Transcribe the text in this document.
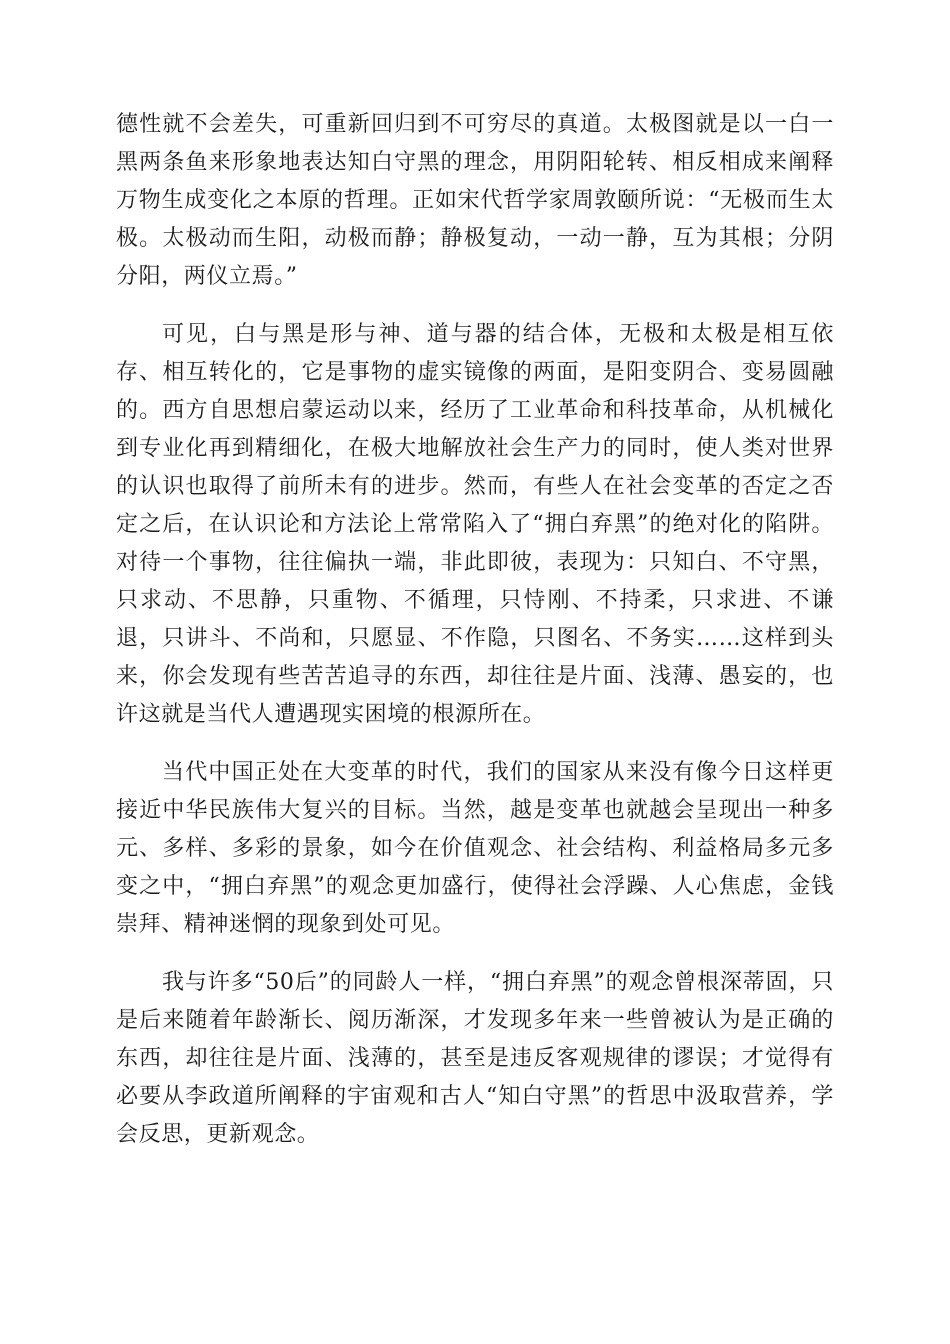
德性就不会差失，可重新回归到不可穷尽的真道。太极图就是以一白一黑两条鱼来形象地表达知白守黑的理念，用阴阳轮转、相反相成来阐释万物生成变化之本原的哲理。正如宋代哲学家周敦颐所说：“无极而生太极。太极动而生阳，动极而静；静极复动，一动一静，互为其根；分阴分阳，两仪立焉。”

可见，白与黑是形与神、道与器的结合体，无极和太极是相互依存、相互转化的，它是事物的虚实镜像的两面，是阳变阴合、变易圆融的。西方自思想启蒙运动以来，经历了工业革命和科技革命，从机械化到专业化再到精细化，在极大地解放社会生产力的同时，使人类对世界的认识也取得了前所未有的进步。然而，有些人在社会变革的否定之否定之后，在认识论和方法论上常常陷入了“拥白弃黑”的绝对化的陷阱。对待一个事物，往往偏执一端，非此即彼，表现为：只知白、不守黑，只求动、不思静，只重物、不循理，只恃刚、不持柔，只求进、不谦退，只讲斗、不尚和，只愿显、不作隐，只图名、不务实……这样到头来，你会发现有些苦苦追寻的东西，却往往是片面、浅薄、愚妄的，也许这就是当代人遭遇现实困境的根源所在。

当代中国正处在大变革的时代，我们的国家从来没有像今日这样更接近中华民族伟大复兴的目标。当然，越是变革也就越会呈现出一种多元、多样、多彩的景象，如今在价值观念、社会结构、利益格局多元多变之中，“拥白弃黑”的观念更加盛行，使得社会浮躁、人心焦虑，金钱崇拜、精神迷惘的现象到处可见。

我与许多“50后”的同龄人一样，“拥白弃黑”的观念曾根深蒂固，只是后来随着年龄渐长、阅历渐深，才发现多年来一些曾被认为是正确的东西，却往往是片面、浅薄的，甚至是违反客观规律的谬误；才觉得有必要从李政道所阐释的宇宙观和古人“知白守黑”的哲思中汲取营养，学会反思，更新观念。
